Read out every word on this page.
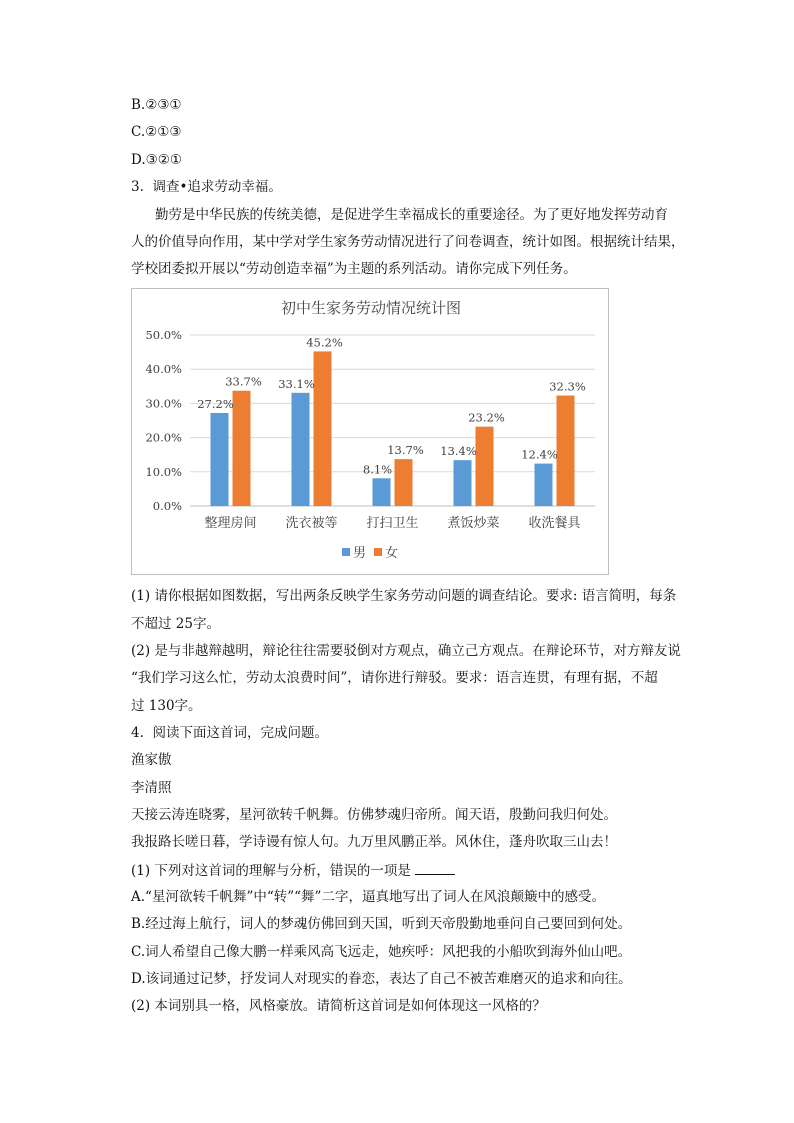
B.②③①
C.②①③
D.③②①
3.  调查•追求劳动幸福。
勤劳是中华民族的传统美德，是促进学生幸福成长的重要途径。为了更好地发挥劳动育
人的价值导向作用，某中学对学生家务劳动情况进行了问卷调查，统计如图。根据统计结果，
学校团委拟开展以“劳动创造幸福”为主题的系列活动。请你完成下列任务。
初中生家务劳动情况统计图
0.0%
10.0%
20.0%
30.0%
40.0%
50.0%
27.2%
33.7%
整理房间
33.1%
45.2%
洗衣被等
8.1%
13.7%
打扫卫生
13.4%
23.2%
煮饭炒菜
12.4%
32.3%
收洗餐具
男 女
(1) 请你根据如图数据，写出两条反映学生家务劳动问题的调查结论。要求: 语言简明，每条
不超过 25字。
(2) 是与非越辩越明，辩论往往需要驳倒对方观点，确立己方观点。在辩论环节，对方辩友说
“我们学习这么忙，劳动太浪费时间”，请你进行辩驳。要求：语言连贯，有理有据，不超
过 130字。
4.  阅读下面这首词，完成问题。
渔家傲
李清照
天接云涛连晓雾，星河欲转千帆舞。仿佛梦魂归帝所。闻天语，殷勤问我归何处。
我报路长嗟日暮，学诗谩有惊人句。九万里风鹏正举。风休住，蓬舟吹取三山去！
(1) 下列对这首词的理解与分析，错误的一项是
A.“星河欲转千帆舞”中“转”“舞”二字，逼真地写出了词人在风浪颠簸中的感受。
B.经过海上航行，词人的梦魂仿佛回到天国，听到天帝殷勤地垂问自己要回到何处。
C.词人希望自己像大鹏一样乘风高飞远走，她疾呼：风把我的小船吹到海外仙山吧。
D.该词通过记梦，抒发词人对现实的眷恋，表达了自己不被苦难磨灭的追求和向往。
(2) 本词别具一格，风格豪放。请简析这首词是如何体现这一风格的？
